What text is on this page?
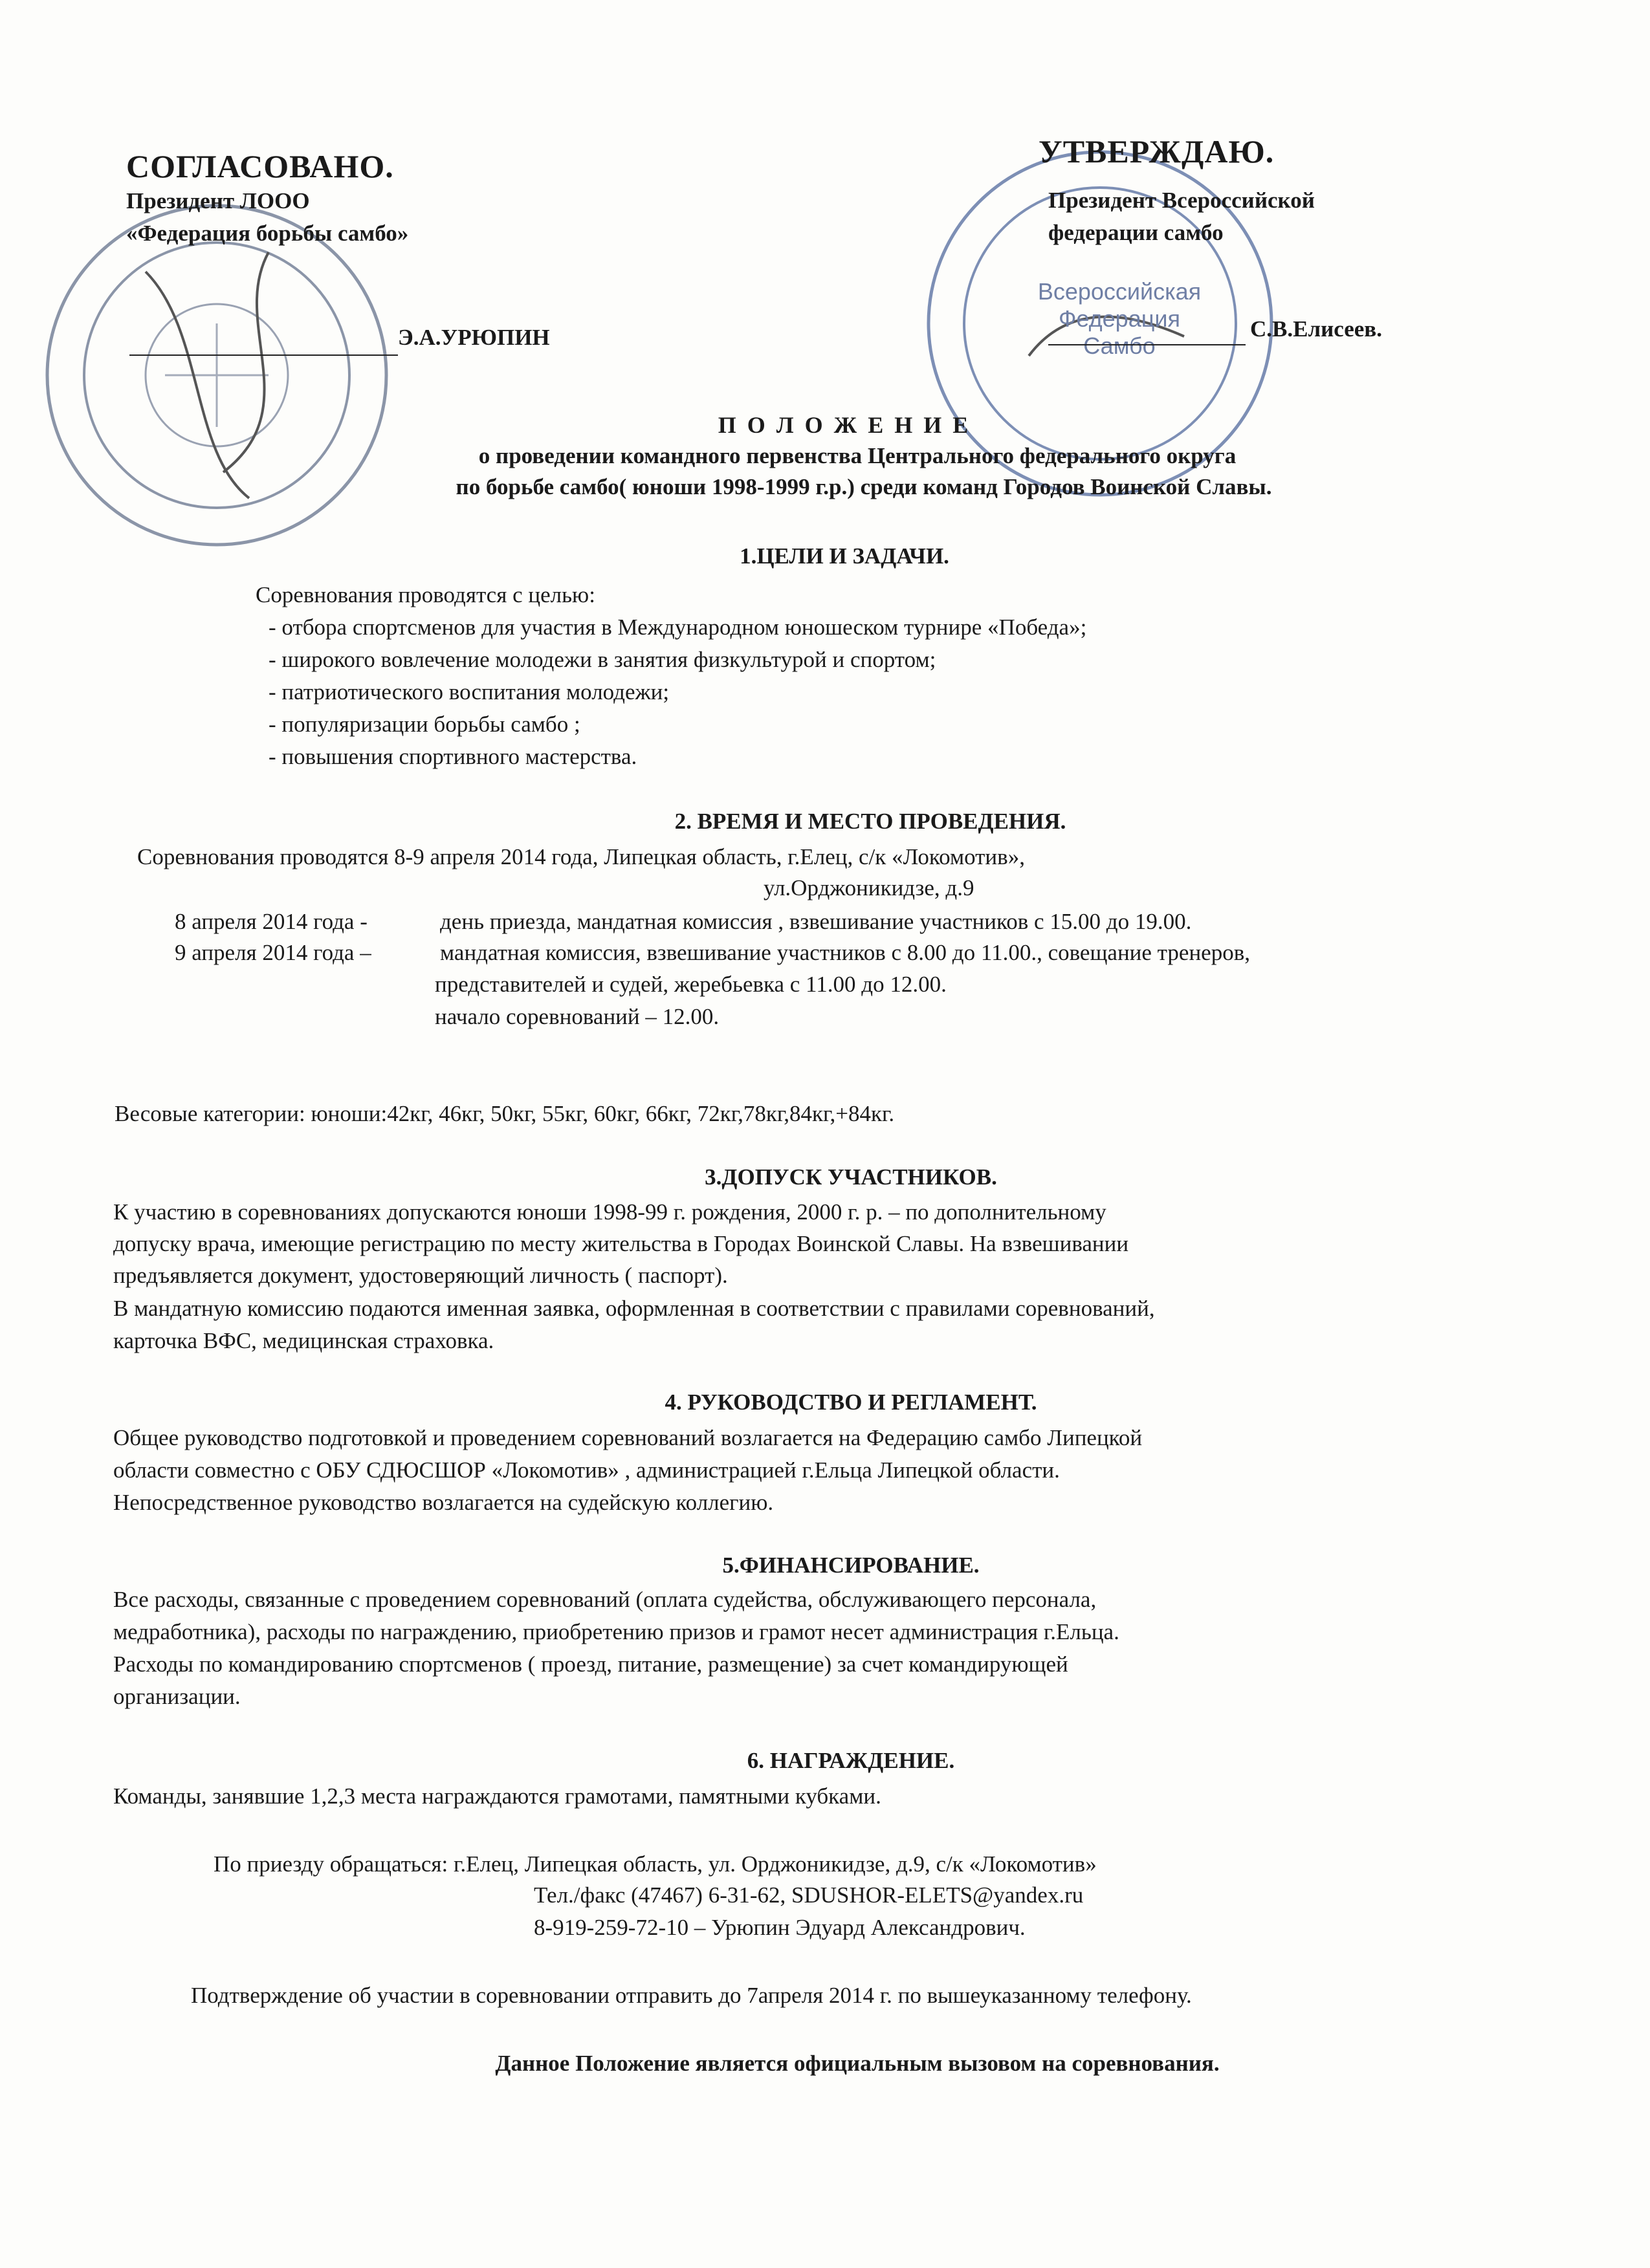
Всероссийская
Федерация
Самбо
СОГЛАСОВАНО.
Президент ЛООО
«Федерация борьбы самбо»
Э.А.УРЮПИН
УТВЕРЖДАЮ.
Президент Всероссийской
федерации самбо
С.В.Елисеев.
П О Л О Ж Е Н И Е
о проведении командного первенства Центрального федерального округа
по борьбе самбо( юноши 1998-1999 г.р.) среди команд Городов Воинской Славы.
1.ЦЕЛИ И ЗАДАЧИ.
Соревнования проводятся с целью:
- отбора спортсменов для участия в Международном юношеском турнире «Победа»;
- широкого вовлечение молодежи в занятия физкультурой и спортом;
- патриотического воспитания молодежи;
- популяризации борьбы самбо ;
- повышения спортивного мастерства.
2. ВРЕМЯ И МЕСТО ПРОВЕДЕНИЯ.
Соревнования проводятся 8-9 апреля 2014 года, Липецкая область, г.Елец, с/к «Локомотив»,
ул.Орджоникидзе, д.9
8 апреля 2014 года -	день приезда, мандатная комиссия , взвешивание участников с 15.00 до 19.00.
9 апреля 2014 года –	мандатная комиссия, взвешивание участников с 8.00 до 11.00., совещание тренеров,
представителей и судей, жеребьевка с 11.00 до 12.00.
начало соревнований – 12.00.
Весовые категории: юноши:42кг, 46кг, 50кг, 55кг, 60кг, 66кг, 72кг,78кг,84кг,+84кг.
3.ДОПУСК УЧАСТНИКОВ.
К участию в соревнованиях допускаются юноши 1998-99 г. рождения, 2000 г. р. – по дополнительному
допуску врача, имеющие регистрацию по месту жительства в Городах Воинской Славы. На взвешивании
предъявляется документ, удостоверяющий личность ( паспорт).
В мандатную комиссию подаются именная заявка, оформленная в соответствии с правилами соревнований,
карточка ВФС, медицинская страховка.
4. РУКОВОДСТВО И РЕГЛАМЕНТ.
Общее руководство подготовкой и проведением соревнований возлагается на Федерацию самбо Липецкой
области совместно с ОБУ СДЮСШОР «Локомотив» , администрацией г.Ельца Липецкой области.
Непосредственное руководство возлагается на судейскую коллегию.
5.ФИНАНСИРОВАНИЕ.
Все расходы, связанные с проведением соревнований (оплата судейства, обслуживающего персонала,
медработника), расходы по награждению, приобретению призов и грамот несет администрация г.Ельца.
Расходы по командированию спортсменов ( проезд, питание, размещение) за счет командирующей
организации.
6. НАГРАЖДЕНИЕ.
Команды, занявшие 1,2,3 места награждаются грамотами, памятными кубками.
По приезду обращаться: г.Елец, Липецкая область, ул. Орджоникидзе, д.9, с/к «Локомотив»
Тел./факс (47467) 6-31-62, SDUSHOR-ELETS@yandex.ru
8-919-259-72-10 – Урюпин Эдуард Александрович.
Подтверждение об участии в соревновании отправить до 7апреля 2014 г. по вышеуказанному телефону.
Данное Положение является официальным вызовом на соревнования.
